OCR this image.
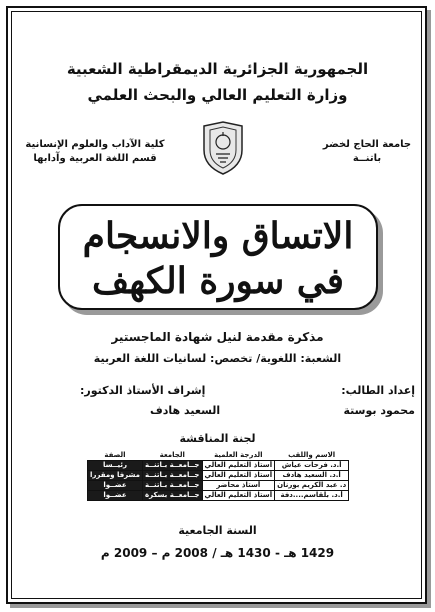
الجمهورية الجزائرية الديمقراطية الشعبية
وزارة التعليم العالي والبحث العلمي
جامعة الحاج لخضر
باتنــة
كلية الآداب والعلوم الإنسانية
قسم اللغة العربية وآدابها
الاتساق والانسجام
في سورة الكهف
مذكرة مقدمة لنيل شهادة الماجستير
الشعبة: اللغوية/ تخصص: لسانيات اللغة العربية
إعداد الطالب:
محمود بوستة
إشراف الأستاذ الدكتور:
السعيد هادف
لجنة المناقشة
الاسم واللقب	الدرجة العلمية	الجامعة	الصفة
أ.د. فرحات عياش	أستاذ التعليم العالي	جــامعــة بـاتنــة	رئيــسا
أ.د. السعيد هادف	أستاذ التعليم العالي	جــامعــة بـاتنــة	مشرفا ومقررا
د. عبد الكريم بورنان	أستاذ محاضر	جــامعــة بـاتنــة	عضــوا
أ.د. بلقاسم....دفة	أستاذ التعليم العالي	جــامعــة بسكرة	عضــوا
السنة الجامعية
1429 هـ - 1430 هـ / 2008 م – 2009 م
